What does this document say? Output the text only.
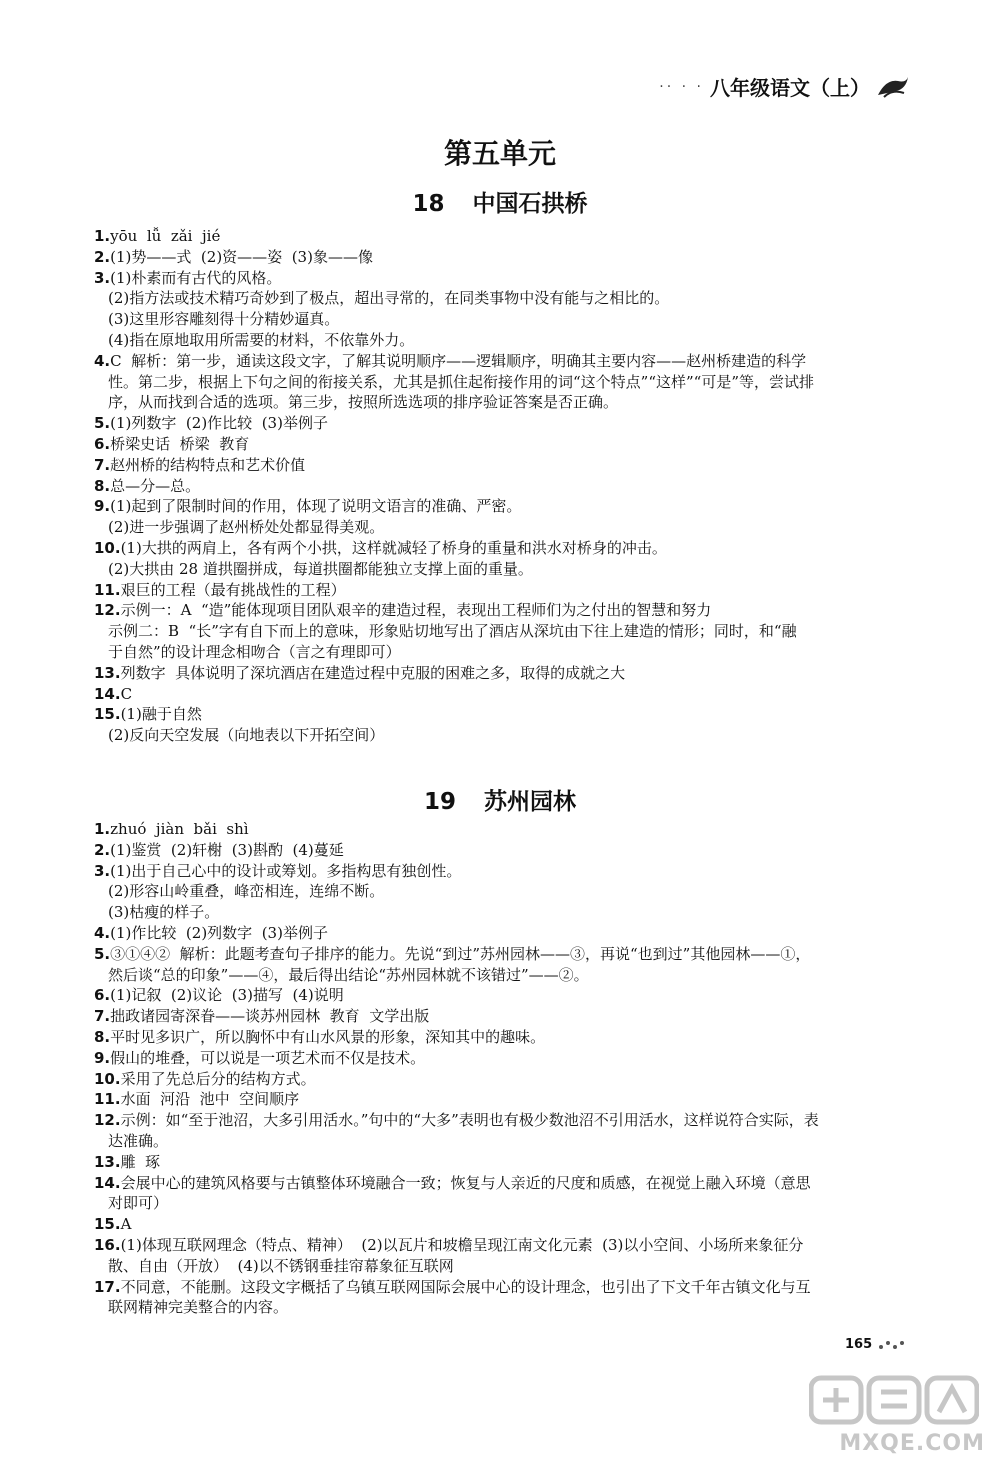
·· · · 八年级语文（上）
第五单元
18 中国石拱桥
1.yōu  lǚ  zǎi  jié
2.(1)势——式  (2)资——姿  (3)象——像
3.(1)朴素而有古代的风格。
(2)指方法或技术精巧奇妙到了极点，超出寻常的，在同类事物中没有能与之相比的。
(3)这里形容雕刻得十分精妙逼真。
(4)指在原地取用所需要的材料，不依靠外力。
4.C  解析：第一步，通读这段文字，了解其说明顺序——逻辑顺序，明确其主要内容——赵州桥建造的科学
性。第二步，根据上下句之间的衔接关系，尤其是抓住起衔接作用的词“这个特点”“这样”“可是”等，尝试排
序，从而找到合适的选项。第三步，按照所选选项的排序验证答案是否正确。
5.(1)列数字  (2)作比较  (3)举例子
6.桥梁史话  桥梁  教育
7.赵州桥的结构特点和艺术价值
8.总—分—总。
9.(1)起到了限制时间的作用，体现了说明文语言的准确、严密。
(2)进一步强调了赵州桥处处都显得美观。
10.(1)大拱的两肩上，各有两个小拱，这样就减轻了桥身的重量和洪水对桥身的冲击。
(2)大拱由 28 道拱圈拼成，每道拱圈都能独立支撑上面的重量。
11.艰巨的工程（最有挑战性的工程）
12.示例一：A  “造”能体现项目团队艰辛的建造过程，表现出工程师们为之付出的智慧和努力
示例二：B  “长”字有自下而上的意味，形象贴切地写出了酒店从深坑由下往上建造的情形；同时，和“融
于自然”的设计理念相吻合（言之有理即可）
13.列数字  具体说明了深坑酒店在建造过程中克服的困难之多，取得的成就之大
14.C
15.(1)融于自然
(2)反向天空发展（向地表以下开拓空间）
19 苏州园林
1.zhuó  jiàn  bǎi  shì
2.(1)鉴赏  (2)轩榭  (3)斟酌  (4)蔓延
3.(1)出于自己心中的设计或筹划。多指构思有独创性。
(2)形容山岭重叠，峰峦相连，连绵不断。
(3)枯瘦的样子。
4.(1)作比较  (2)列数字  (3)举例子
5.③①④②  解析：此题考查句子排序的能力。先说“到过”苏州园林——③，再说“也到过”其他园林——①，
然后谈“总的印象”——④，最后得出结论“苏州园林就不该错过”——②。
6.(1)记叙  (2)议论  (3)描写  (4)说明
7.拙政诸园寄深眷——谈苏州园林  教育  文学出版
8.平时见多识广，所以胸怀中有山水风景的形象，深知其中的趣味。
9.假山的堆叠，可以说是一项艺术而不仅是技术。
10.采用了先总后分的结构方式。
11.水面  河沿  池中  空间顺序
12.示例：如“至于池沼，大多引用活水。”句中的“大多”表明也有极少数池沼不引用活水，这样说符合实际，表
达准确。
13.雕  琢
14.会展中心的建筑风格要与古镇整体环境融合一致；恢复与人亲近的尺度和质感，在视觉上融入环境（意思
对即可）
15.A
16.(1)体现互联网理念（特点、精神）  (2)以瓦片和坡檐呈现江南文化元素  (3)以小空间、小场所来象征分
散、自由（开放）  (4)以不锈钢垂挂帘幕象征互联网
17.不同意，不能删。这段文字概括了乌镇互联网国际会展中心的设计理念，也引出了下文千年古镇文化与互
联网精神完美整合的内容。
165
MXQE.COM
